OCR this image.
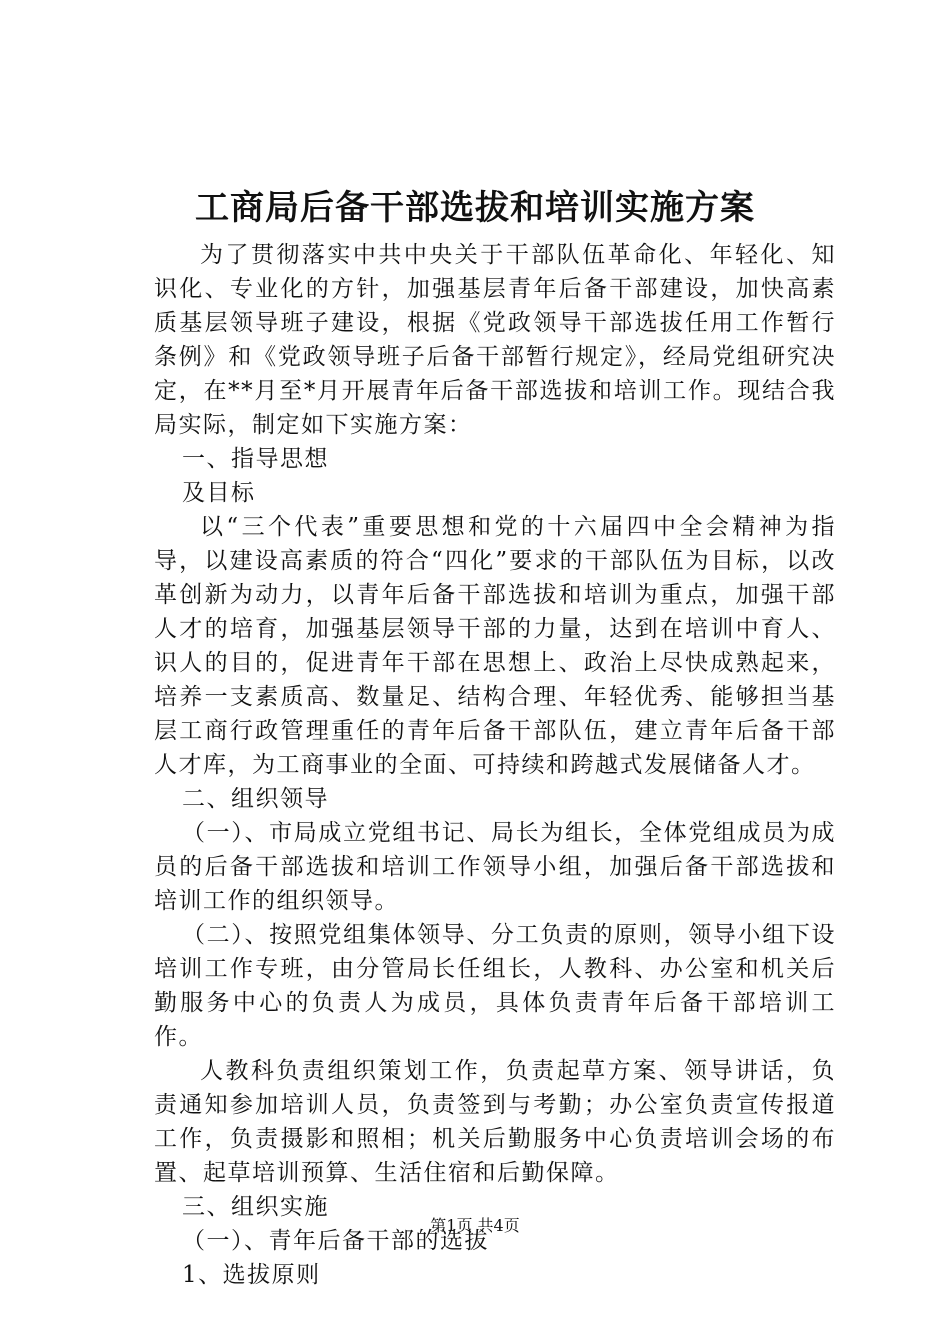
工商局后备干部选拔和培训实施方案

为了贯彻落实中共中央关于干部队伍革命化、年轻化、知识化、专业化的方针，加强基层青年后备干部建设，加快高素质基层领导班子建设，根据《党政领导干部选拔任用工作暂行条例》和《党政领导班子后备干部暂行规定》，经局党组研究决定，在**月至*月开展青年后备干部选拔和培训工作。现结合我局实际，制定如下实施方案：

一、指导思想

及目标

以“三个代表”重要思想和党的十六届四中全会精神为指导，以建设高素质的符合“四化”要求的干部队伍为目标，以改革创新为动力，以青年后备干部选拔和培训为重点，加强干部人才的培育，加强基层领导干部的力量，达到在培训中育人、识人的目的，促进青年干部在思想上、政治上尽快成熟起来，培养一支素质高、数量足、结构合理、年轻优秀、能够担当基层工商行政管理重任的青年后备干部队伍，建立青年后备干部人才库，为工商事业的全面、可持续和跨越式发展储备人才。

二、组织领导

（一）、市局成立党组书记、局长为组长，全体党组成员为成员的后备干部选拔和培训工作领导小组，加强后备干部选拔和培训工作的组织领导。

（二）、按照党组集体领导、分工负责的原则，领导小组下设培训工作专班，由分管局长任组长，人教科、办公室和机关后勤服务中心的负责人为成员，具体负责青年后备干部培训工作。

人教科负责组织策划工作，负责起草方案、领导讲话，负责通知参加培训人员，负责签到与考勤；办公室负责宣传报道工作，负责摄影和照相；机关后勤服务中心负责培训会场的布置、起草培训预算、生活住宿和后勤保障。

三、组织实施

（一）、青年后备干部的选拔

1、选拔原则

第1页 共4页
